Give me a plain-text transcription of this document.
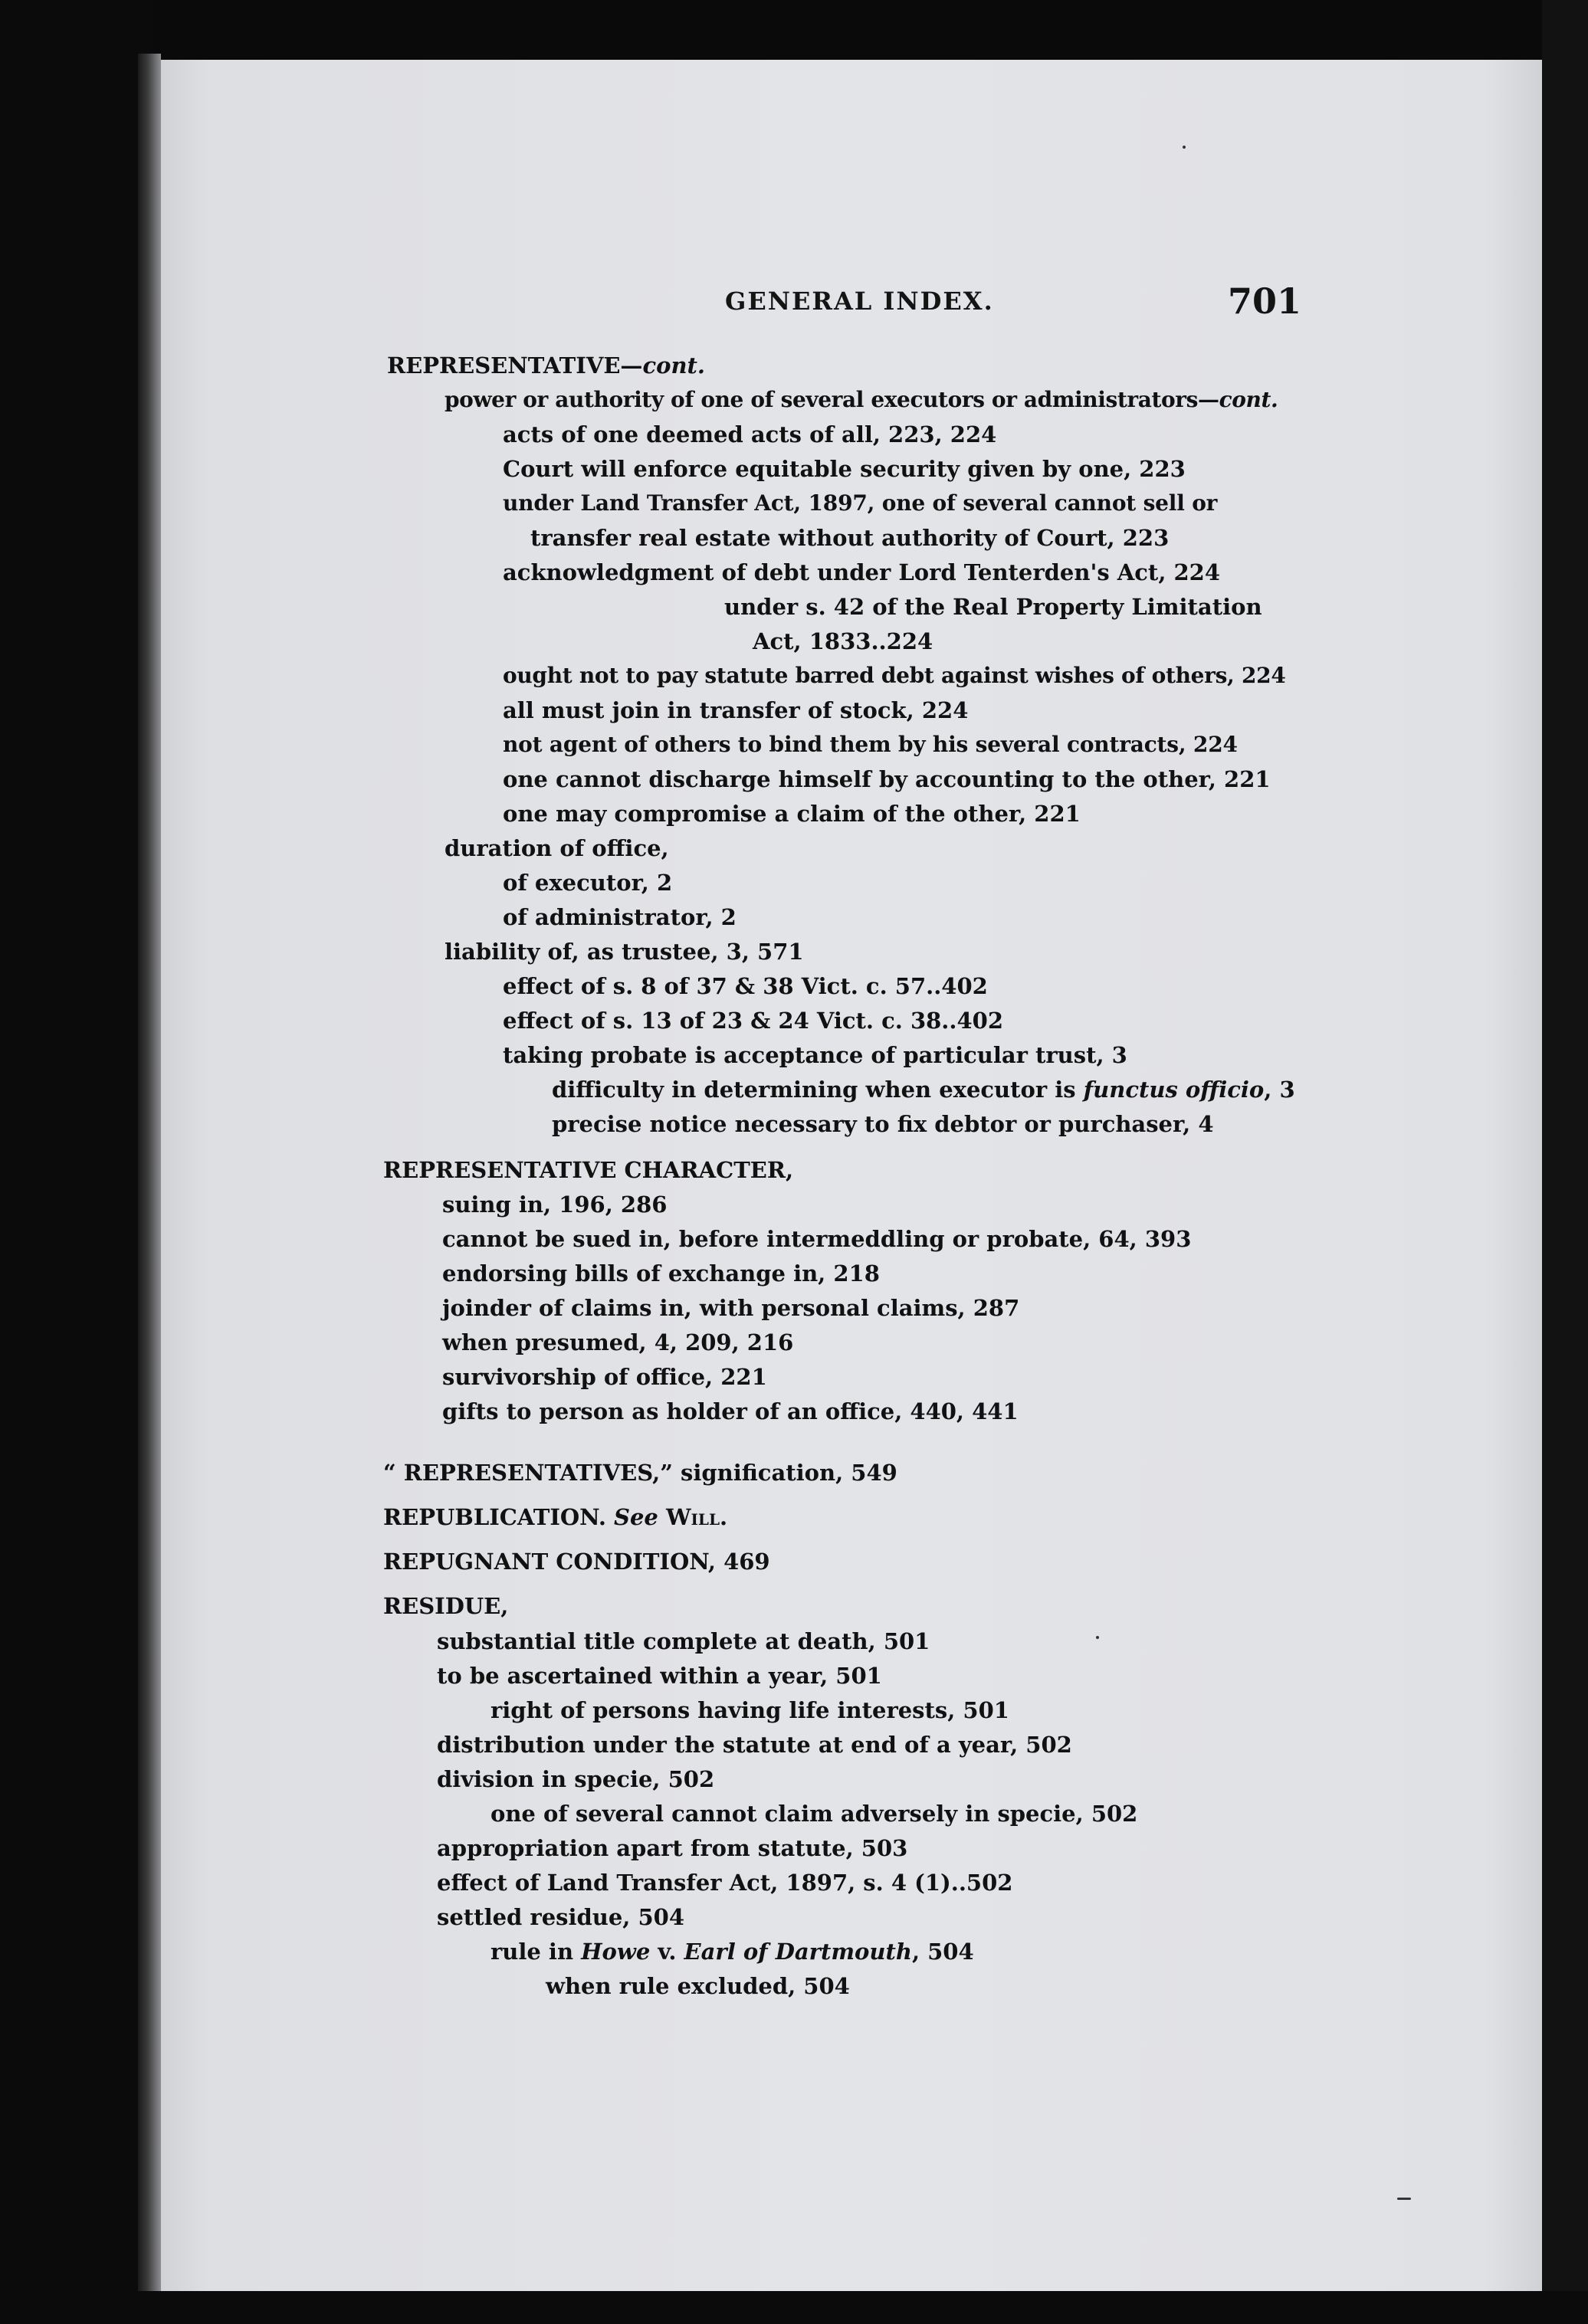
GENERAL INDEX.	701
REPRESENTATIVE—cont.
power or authority of one of several executors or administrators—cont.
acts of one deemed acts of all, 223, 224
Court will enforce equitable security given by one, 223
under Land Transfer Act, 1897, one of several cannot sell or
transfer real estate without authority of Court, 223
acknowledgment of debt under Lord Tenterden's Act, 224
under s. 42 of the Real Property Limitation
Act, 1833..224
ought not to pay statute barred debt against wishes of others, 224
all must join in transfer of stock, 224
not agent of others to bind them by his several contracts, 224
one cannot discharge himself by accounting to the other, 221
one may compromise a claim of the other, 221
duration of office,
of executor, 2
of administrator, 2
liability of, as trustee, 3, 571
effect of s. 8 of 37 & 38 Vict. c. 57..402
effect of s. 13 of 23 & 24 Vict. c. 38..402
taking probate is acceptance of particular trust, 3
difficulty in determining when executor is functus officio, 3
precise notice necessary to fix debtor or purchaser, 4
REPRESENTATIVE CHARACTER,
suing in, 196, 286
cannot be sued in, before intermeddling or probate, 64, 393
endorsing bills of exchange in, 218
joinder of claims in, with personal claims, 287
when presumed, 4, 209, 216
survivorship of office, 221
gifts to person as holder of an office, 440, 441
“ REPRESENTATIVES,” signification, 549
REPUBLICATION. See Will.
REPUGNANT CONDITION, 469
RESIDUE,
substantial title complete at death, 501
to be ascertained within a year, 501
right of persons having life interests, 501
distribution under the statute at end of a year, 502
division in specie, 502
one of several cannot claim adversely in specie, 502
appropriation apart from statute, 503
effect of Land Transfer Act, 1897, s. 4 (1)..502
settled residue, 504
rule in Howe v. Earl of Dartmouth, 504
when rule excluded, 504
